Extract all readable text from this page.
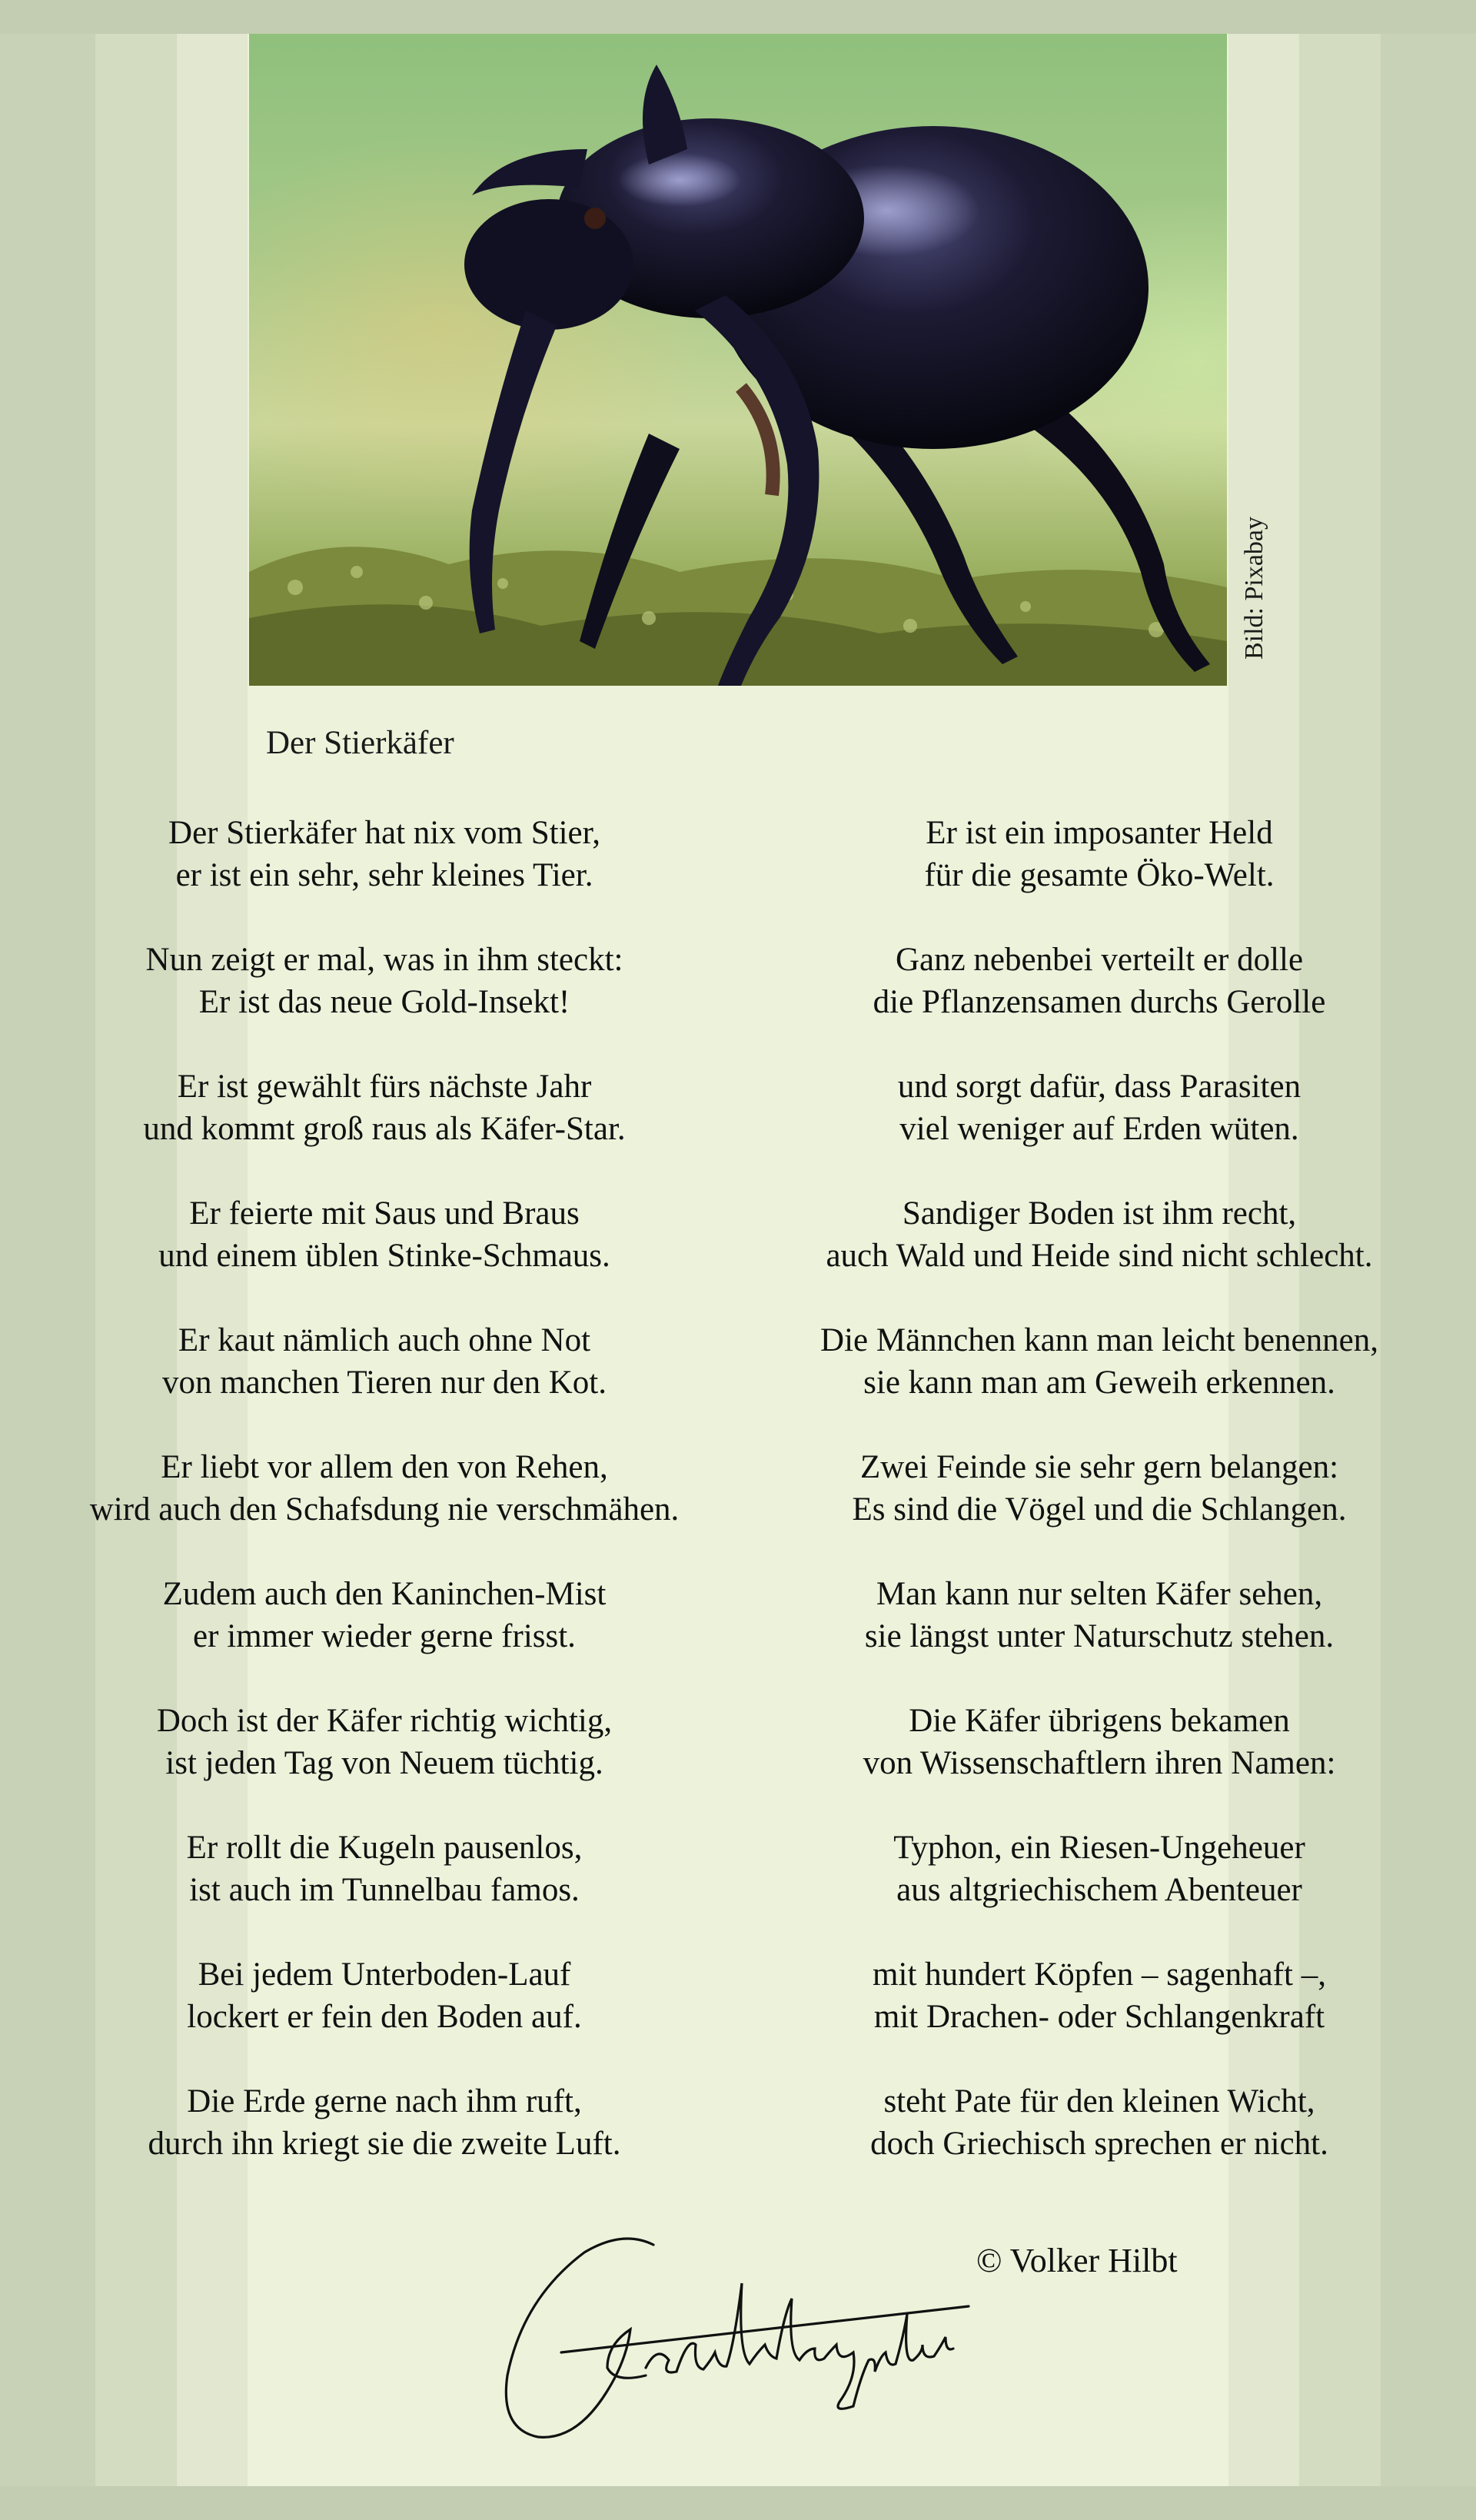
Bild: Pixabay
Der Stierkäfer
Der Stierkäfer hat nix vom Stier,
er ist ein sehr, sehr kleines Tier.
Nun zeigt er mal, was in ihm steckt:
Er ist das neue Gold-Insekt!
Er ist gewählt fürs nächste Jahr
und kommt groß raus als Käfer-Star.
Er feierte mit Saus und Braus
und einem üblen Stinke-Schmaus.
Er kaut nämlich auch ohne Not
von manchen Tieren nur den Kot.
Er liebt vor allem den von Rehen,
wird auch den Schafsdung nie verschmähen.
Zudem auch den Kaninchen-Mist
er immer wieder gerne frisst.
Doch ist der Käfer richtig wichtig,
ist jeden Tag von Neuem tüchtig.
Er rollt die Kugeln pausenlos,
ist auch im Tunnelbau famos.
Bei jedem Unterboden-Lauf
lockert er fein den Boden auf.
Die Erde gerne nach ihm ruft,
durch ihn kriegt sie die zweite Luft.
Er ist ein imposanter Held
für die gesamte Öko-Welt.
Ganz nebenbei verteilt er dolle
die Pflanzensamen durchs Gerolle
und sorgt dafür, dass Parasiten
viel weniger auf Erden wüten.
Sandiger Boden ist ihm recht,
auch Wald und Heide sind nicht schlecht.
Die Männchen kann man leicht benennen,
sie kann man am Geweih erkennen.
Zwei Feinde sie sehr gern belangen:
Es sind die Vögel und die Schlangen.
Man kann nur selten Käfer sehen,
sie längst unter Naturschutz stehen.
Die Käfer übrigens bekamen
von Wissenschaftlern ihren Namen:
Typhon, ein Riesen-Ungeheuer
aus altgriechischem Abenteuer
mit hundert Köpfen – sagenhaft –,
mit Drachen- oder Schlangenkraft
steht Pate für den kleinen Wicht,
doch Griechisch sprechen er nicht.
© Volker Hilbt
